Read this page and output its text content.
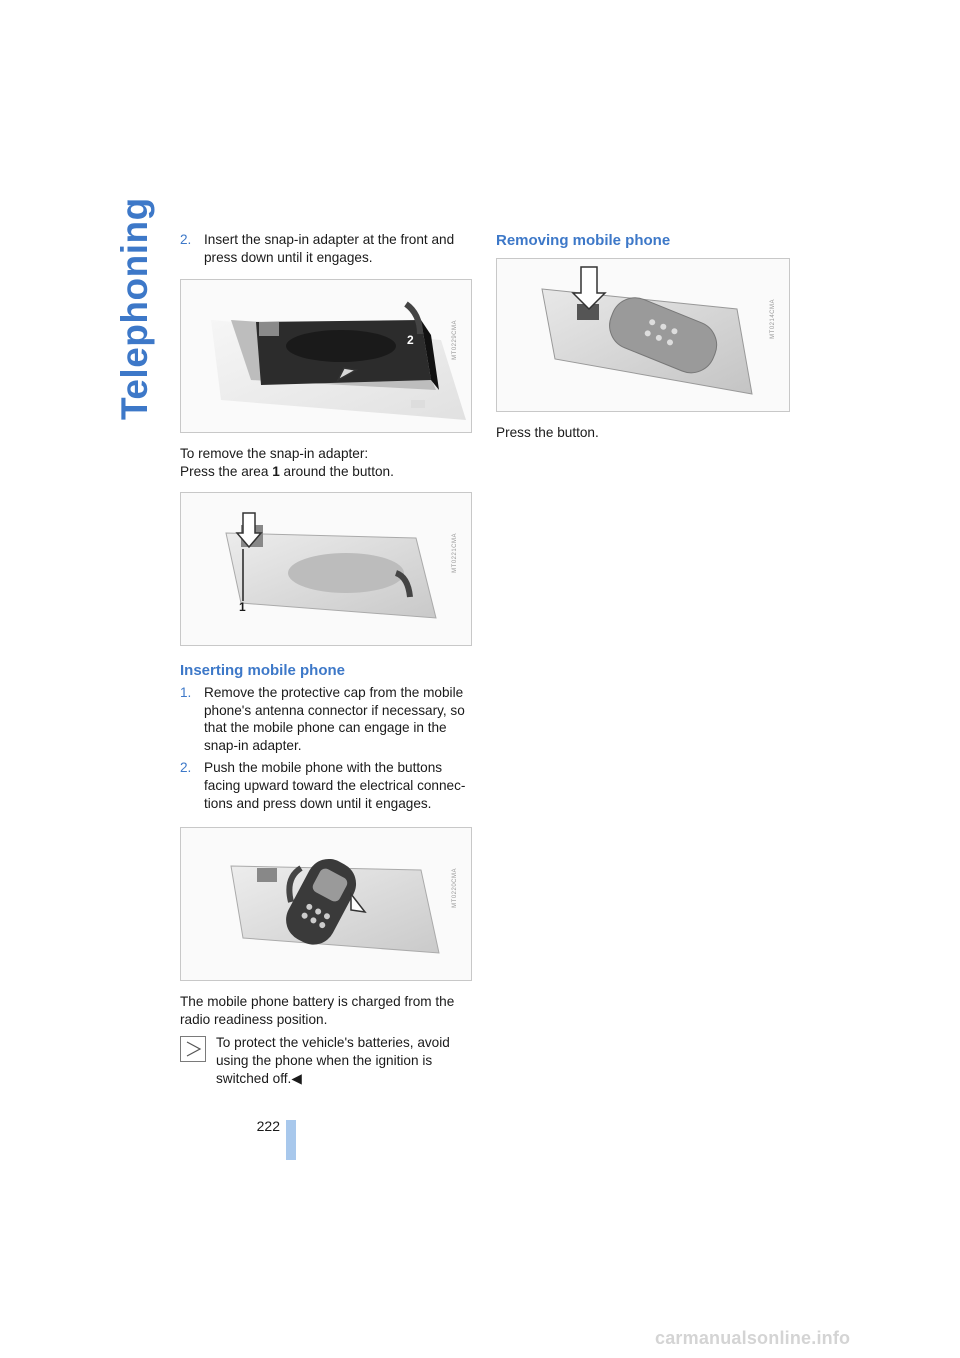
Telephoning 2. Insert the snap-in adapter at the front and press down until it engages.
2	MT0229CMA

To remove the snap-in adapter:

Press the area 1 around the button.

1
MT0221CMA
Inserting mobile phone
1. Remove the protective cap from the mobile phone's antenna connector if necessary, so that the mobile phone can engage in the snap-in adapter.
2. Push the mobile phone with the buttons facing upward toward the electrical connec- tions and press down until it engages.
MT0220CMA

The mobile phone battery is charged from the radio readiness position.

To protect the vehicle's batteries, avoid using the phone when the ignition is switched off.◀
Removing mobile phone
MT0214CMA

Press the button.

222
carmanualsonline.info
